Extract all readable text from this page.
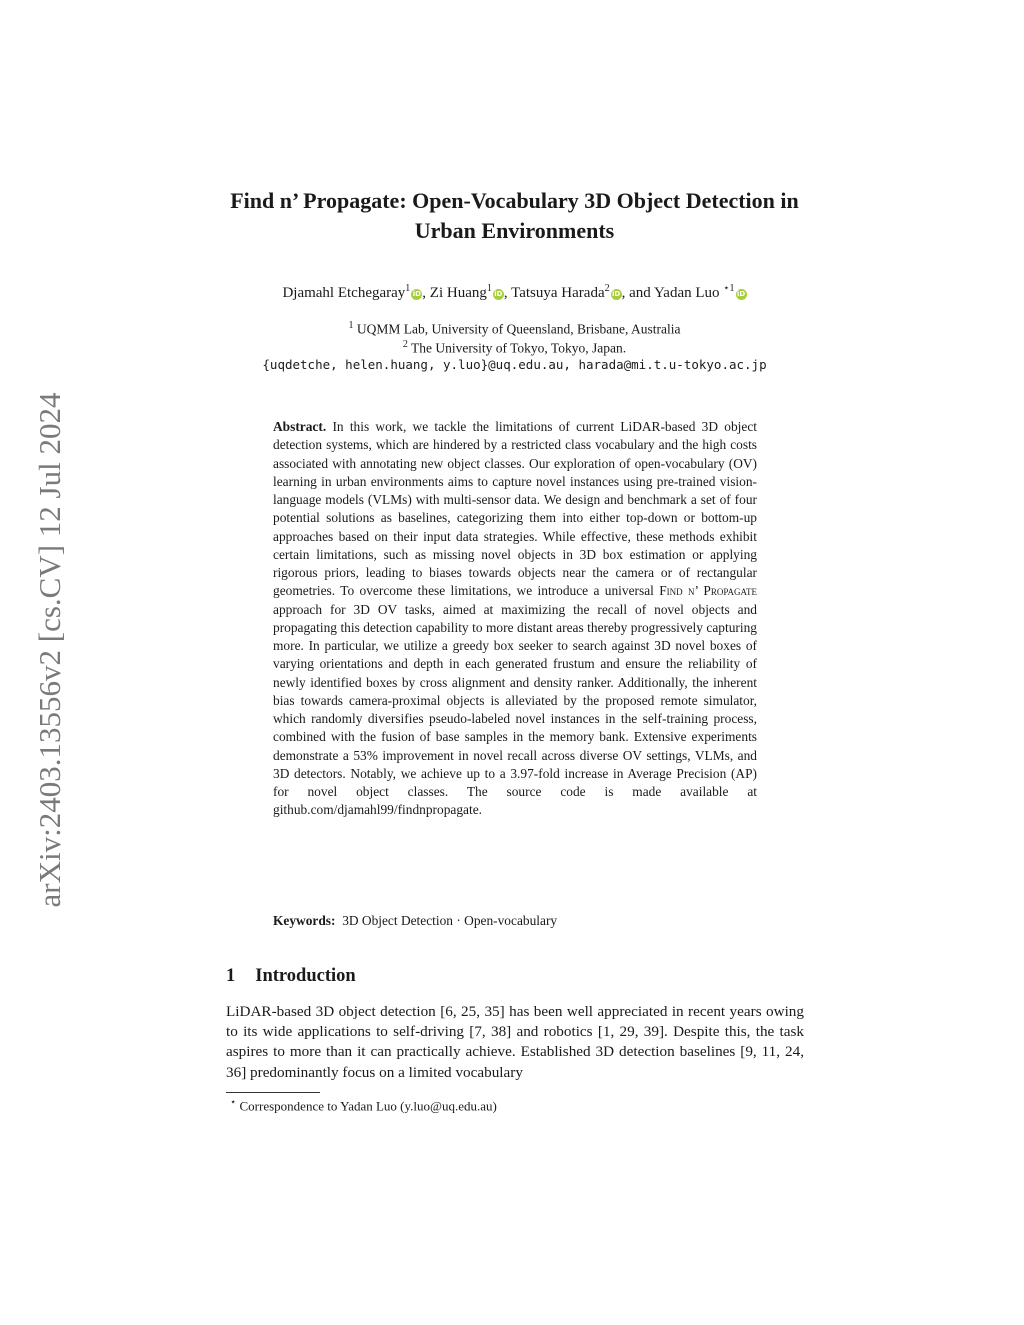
arXiv:2403.13556v2 [cs.CV] 12 Jul 2024
Find n’ Propagate: Open-Vocabulary 3D Object Detection in Urban Environments
Djamahl Etchegaray$^1$ iD, Zi Huang$^1$ iD, Tatsuya Harada$^2$ iD, and Yadan Luo $^{⋆1}$ iD
$^1$ UQMM Lab, University of Queensland, Brisbane, Australia
$^2$ The University of Tokyo, Tokyo, Japan.
{uqdetche, helen.huang, y.luo}@uq.edu.au, harada@mi.t.u-tokyo.ac.jp

Abstract. In this work, we tackle the limitations of current LiDAR-based 3D object detection systems, which are hindered by a restricted class vocabulary and the high costs associated with annotating new object classes. Our exploration of open-vocabulary (OV) learning in urban environments aims to capture novel instances using pre-trained vision-language models (VLMs) with multi-sensor data. We design and benchmark a set of four potential solutions as baselines, categorizing them into either top-down or bottom-up approaches based on their input data strategies. While effective, these methods exhibit certain limitations, such as missing novel objects in 3D box estimation or applying rigorous priors, leading to biases towards objects near the camera or of rectangular geometries. To overcome these limitations, we introduce a universal Find n’ Propagate approach for 3D OV tasks, aimed at maximizing the recall of novel objects and propagating this detection capability to more distant areas thereby progressively capturing more. In particular, we utilize a greedy box seeker to search against 3D novel boxes of varying orientations and depth in each generated frustum and ensure the reliability of newly identified boxes by cross alignment and density ranker. Additionally, the inherent bias towards camera-proximal objects is alleviated by the proposed remote simulator, which randomly diversifies pseudo-labeled novel instances in the self-training process, combined with the fusion of base samples in the memory bank. Extensive experiments demonstrate a 53% improvement in novel recall across diverse OV settings, VLMs, and 3D detectors. Notably, we achieve up to a 3.97-fold increase in Average Precision (AP) for novel object classes. The source code is made available at github.com/djamahl99/findnpropagate.

Keywords: 3D Object Detection · Open-vocabulary
1 Introduction

LiDAR-based 3D object detection [6, 25, 35] has been well appreciated in recent years owing to its wide applications to self-driving [7, 38] and robotics [1, 29, 39]. Despite this, the task aspires to more than it can practically achieve. Established 3D detection baselines [9, 11, 24, 36] predominantly focus on a limited vocabulary

⋆ Correspondence to Yadan Luo (y.luo@uq.edu.au)
